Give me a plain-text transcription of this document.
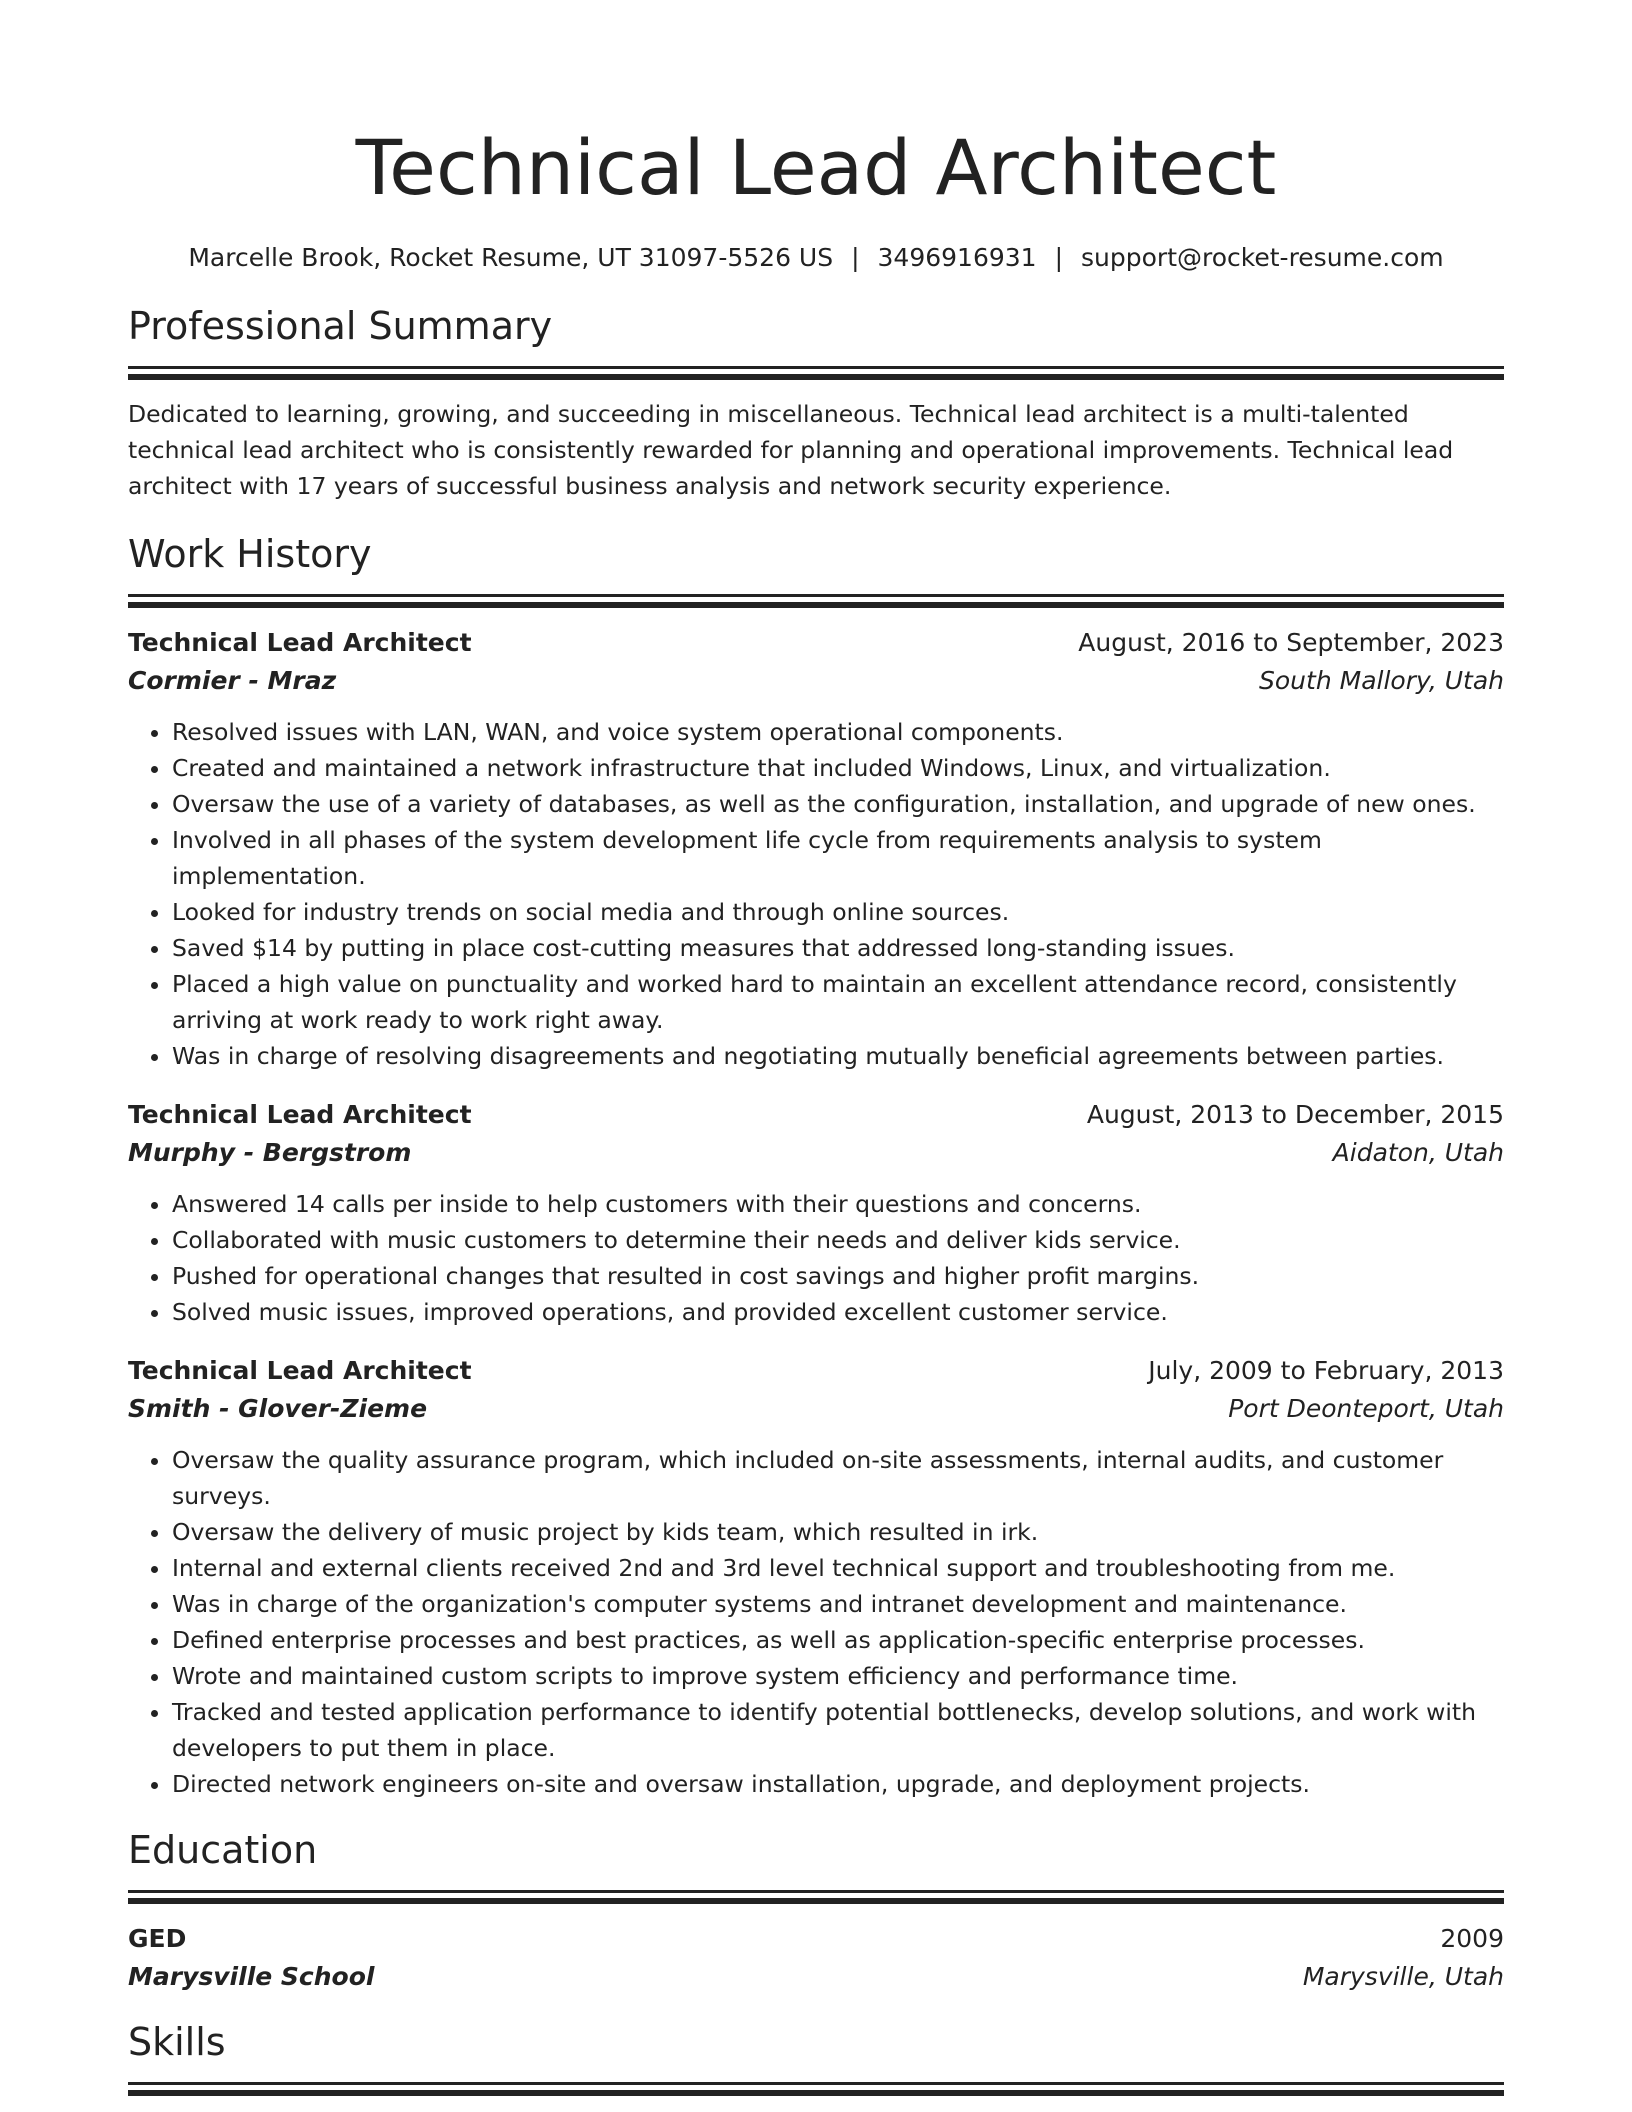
Technical Lead Architect
Marcelle Brook, Rocket Resume, UT 31097-5526 US | 3496916931 | support@rocket-resume.com
Professional Summary
Dedicated to learning, growing, and succeeding in miscellaneous. Technical lead architect is a multi-talented technical lead architect who is consistently rewarded for planning and operational improvements. Technical lead architect with 17 years of successful business analysis and network security experience.
Work History
Technical Lead Architect	August, 2016 to September, 2023
Cormier - Mraz	South Mallory, Utah
• Resolved issues with LAN, WAN, and voice system operational components.
• Created and maintained a network infrastructure that included Windows, Linux, and virtualization.
• Oversaw the use of a variety of databases, as well as the configuration, installation, and upgrade of new ones.
• Involved in all phases of the system development life cycle from requirements analysis to system implementation.
• Looked for industry trends on social media and through online sources.
• Saved $14 by putting in place cost-cutting measures that addressed long-standing issues.
• Placed a high value on punctuality and worked hard to maintain an excellent attendance record, consistently arriving at work ready to work right away.
• Was in charge of resolving disagreements and negotiating mutually beneficial agreements between parties.
Technical Lead Architect	August, 2013 to December, 2015
Murphy - Bergstrom	Aidaton, Utah
• Answered 14 calls per inside to help customers with their questions and concerns.
• Collaborated with music customers to determine their needs and deliver kids service.
• Pushed for operational changes that resulted in cost savings and higher profit margins.
• Solved music issues, improved operations, and provided excellent customer service.
Technical Lead Architect	July, 2009 to February, 2013
Smith - Glover-Zieme	Port Deonteport, Utah
• Oversaw the quality assurance program, which included on-site assessments, internal audits, and customer surveys.
• Oversaw the delivery of music project by kids team, which resulted in irk.
• Internal and external clients received 2nd and 3rd level technical support and troubleshooting from me.
• Was in charge of the organization's computer systems and intranet development and maintenance.
• Defined enterprise processes and best practices, as well as application-specific enterprise processes.
• Wrote and maintained custom scripts to improve system efficiency and performance time.
• Tracked and tested application performance to identify potential bottlenecks, develop solutions, and work with developers to put them in place.
• Directed network engineers on-site and oversaw installation, upgrade, and deployment projects.
Education
GED	2009
Marysville School	Marysville, Utah
Skills
